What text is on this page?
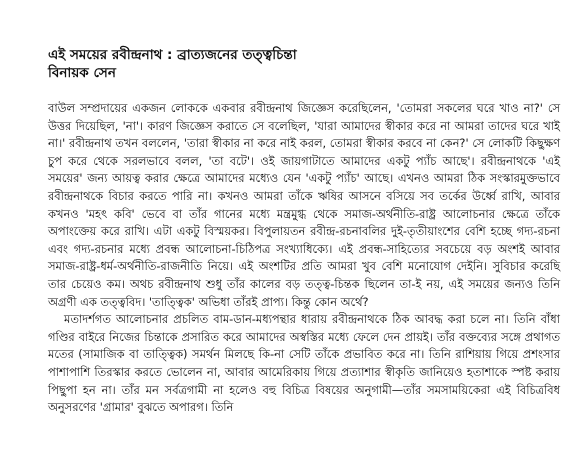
এই সময়ের রবীন্দ্রনাথ : ব্রাত্যজনের তত্ত্বচিন্তা
বিনায়ক সেন

বাউল সম্প্রদায়ের একজন লোককে একবার রবীন্দ্রনাথ জিজ্ঞেস করেছিলেন, 'তোমরা সকলের ঘরে খাও না?' সে উত্তর দিয়েছিল, 'না'। কারণ জিজ্ঞেস করাতে সে বলেছিল, 'যারা আমাদের স্বীকার করে না আমরা তাদের ঘরে খাই না।' রবীন্দ্রনাথ তখন বললেন, 'তারা স্বীকার না করে নাই করল, তোমরা স্বীকার করবে না কেন?' সে লোকটি কিছুক্ষণ চুপ করে থেকে সরলভাবে বলল, 'তা বটে'। ওই জায়গাটাতে আমাদের একটু প্যাঁচ আছে'। রবীন্দ্রনাথকে 'এই সময়ের' জন্য আয়ত্ব করার ক্ষেত্রে আমাদের মধ্যেও যেন 'একটু প্যাঁচ' আছে। এখনও আমরা ঠিক সংস্কারমুক্তভাবে রবীন্দ্রনাথকে বিচার করতে পারি না। কখনও আমরা তাঁকে ঋষির আসনে বসিয়ে সব তর্কের উর্ধ্বে রাখি, আবার কখনও 'মহৎ কবি' ভেবে বা তাঁর গানের মধ্যে মন্ত্রমুগ্ধ থেকে সমাজ-অর্থনীতি-রাষ্ট্র আলোচনার ক্ষেত্রে তাঁকে অপাংক্তেয় করে রাখি। এটা একটু বিস্ময়কর। বিপুলায়তন রবীন্দ্র-রচনাবলির দুই-তৃতীয়াংশের বেশি হচ্ছে গদ্য-রচনা এবং গদ্য-রচনার মধ্যে প্রবন্ধ আলোচনা-চিঠিপত্র সংখ্যাধিক্যে। এই প্রবন্ধ-সাহিত্যের সবচেয়ে বড় অংশই আবার সমাজ-রাষ্ট্র-ধর্ম-অর্থনীতি-রাজনীতি নিয়ে। এই অংশটির প্রতি আমরা খুব বেশি মনোযোগ দেইনি। সুবিচার করেছি তার চেয়েও কম। অথচ রবীন্দ্রনাথ শুধু তাঁর কালের বড় তত্ত্ব-চিন্তক ছিলেন তা-ই নয়, এই সময়ের জন্যও তিনি অগ্রণী এক তত্ত্ববিদ। 'তাত্ত্বিক' অভিধা তাঁরই প্রাপ্য। কিন্তু কোন অর্থে?

মতাদর্শগত আলোচনার প্রচলিত বাম-ডান-মধ্যপন্থার ধারায় রবীন্দ্রনাথকে ঠিক আবদ্ধ করা চলে না। তিনি বাঁধা গণ্ডির বাইরে নিজের চিন্তাকে প্রসারিত করে আমাদের অস্বস্তির মধ্যে ফেলে দেন প্রায়ই। তাঁর বক্তব্যের সঙ্গে প্রথাগত মতের (সামাজিক বা তাত্ত্বিক) সমর্থন মিলছে কি-না সেটি তাঁকে প্রভাবিত করে না। তিনি রাশিয়ায় গিয়ে প্রশংসার পাশাপাশি তিরস্কার করতে ভোলেন না, আবার আমেরিকায় গিয়ে প্রত্যাশার স্বীকৃতি জানিয়েও হতাশাকে স্পষ্ট করায় পিছুপা হন না। তাঁর মন সর্বত্রগামী না হলেও বহু বিচিত্র বিষয়ের অনুগামী—তাঁর সমসাময়িকেরা এই বিচিত্রবিধ অনুসরণের 'গ্রামার' বুঝতে অপারগ। তিনি
